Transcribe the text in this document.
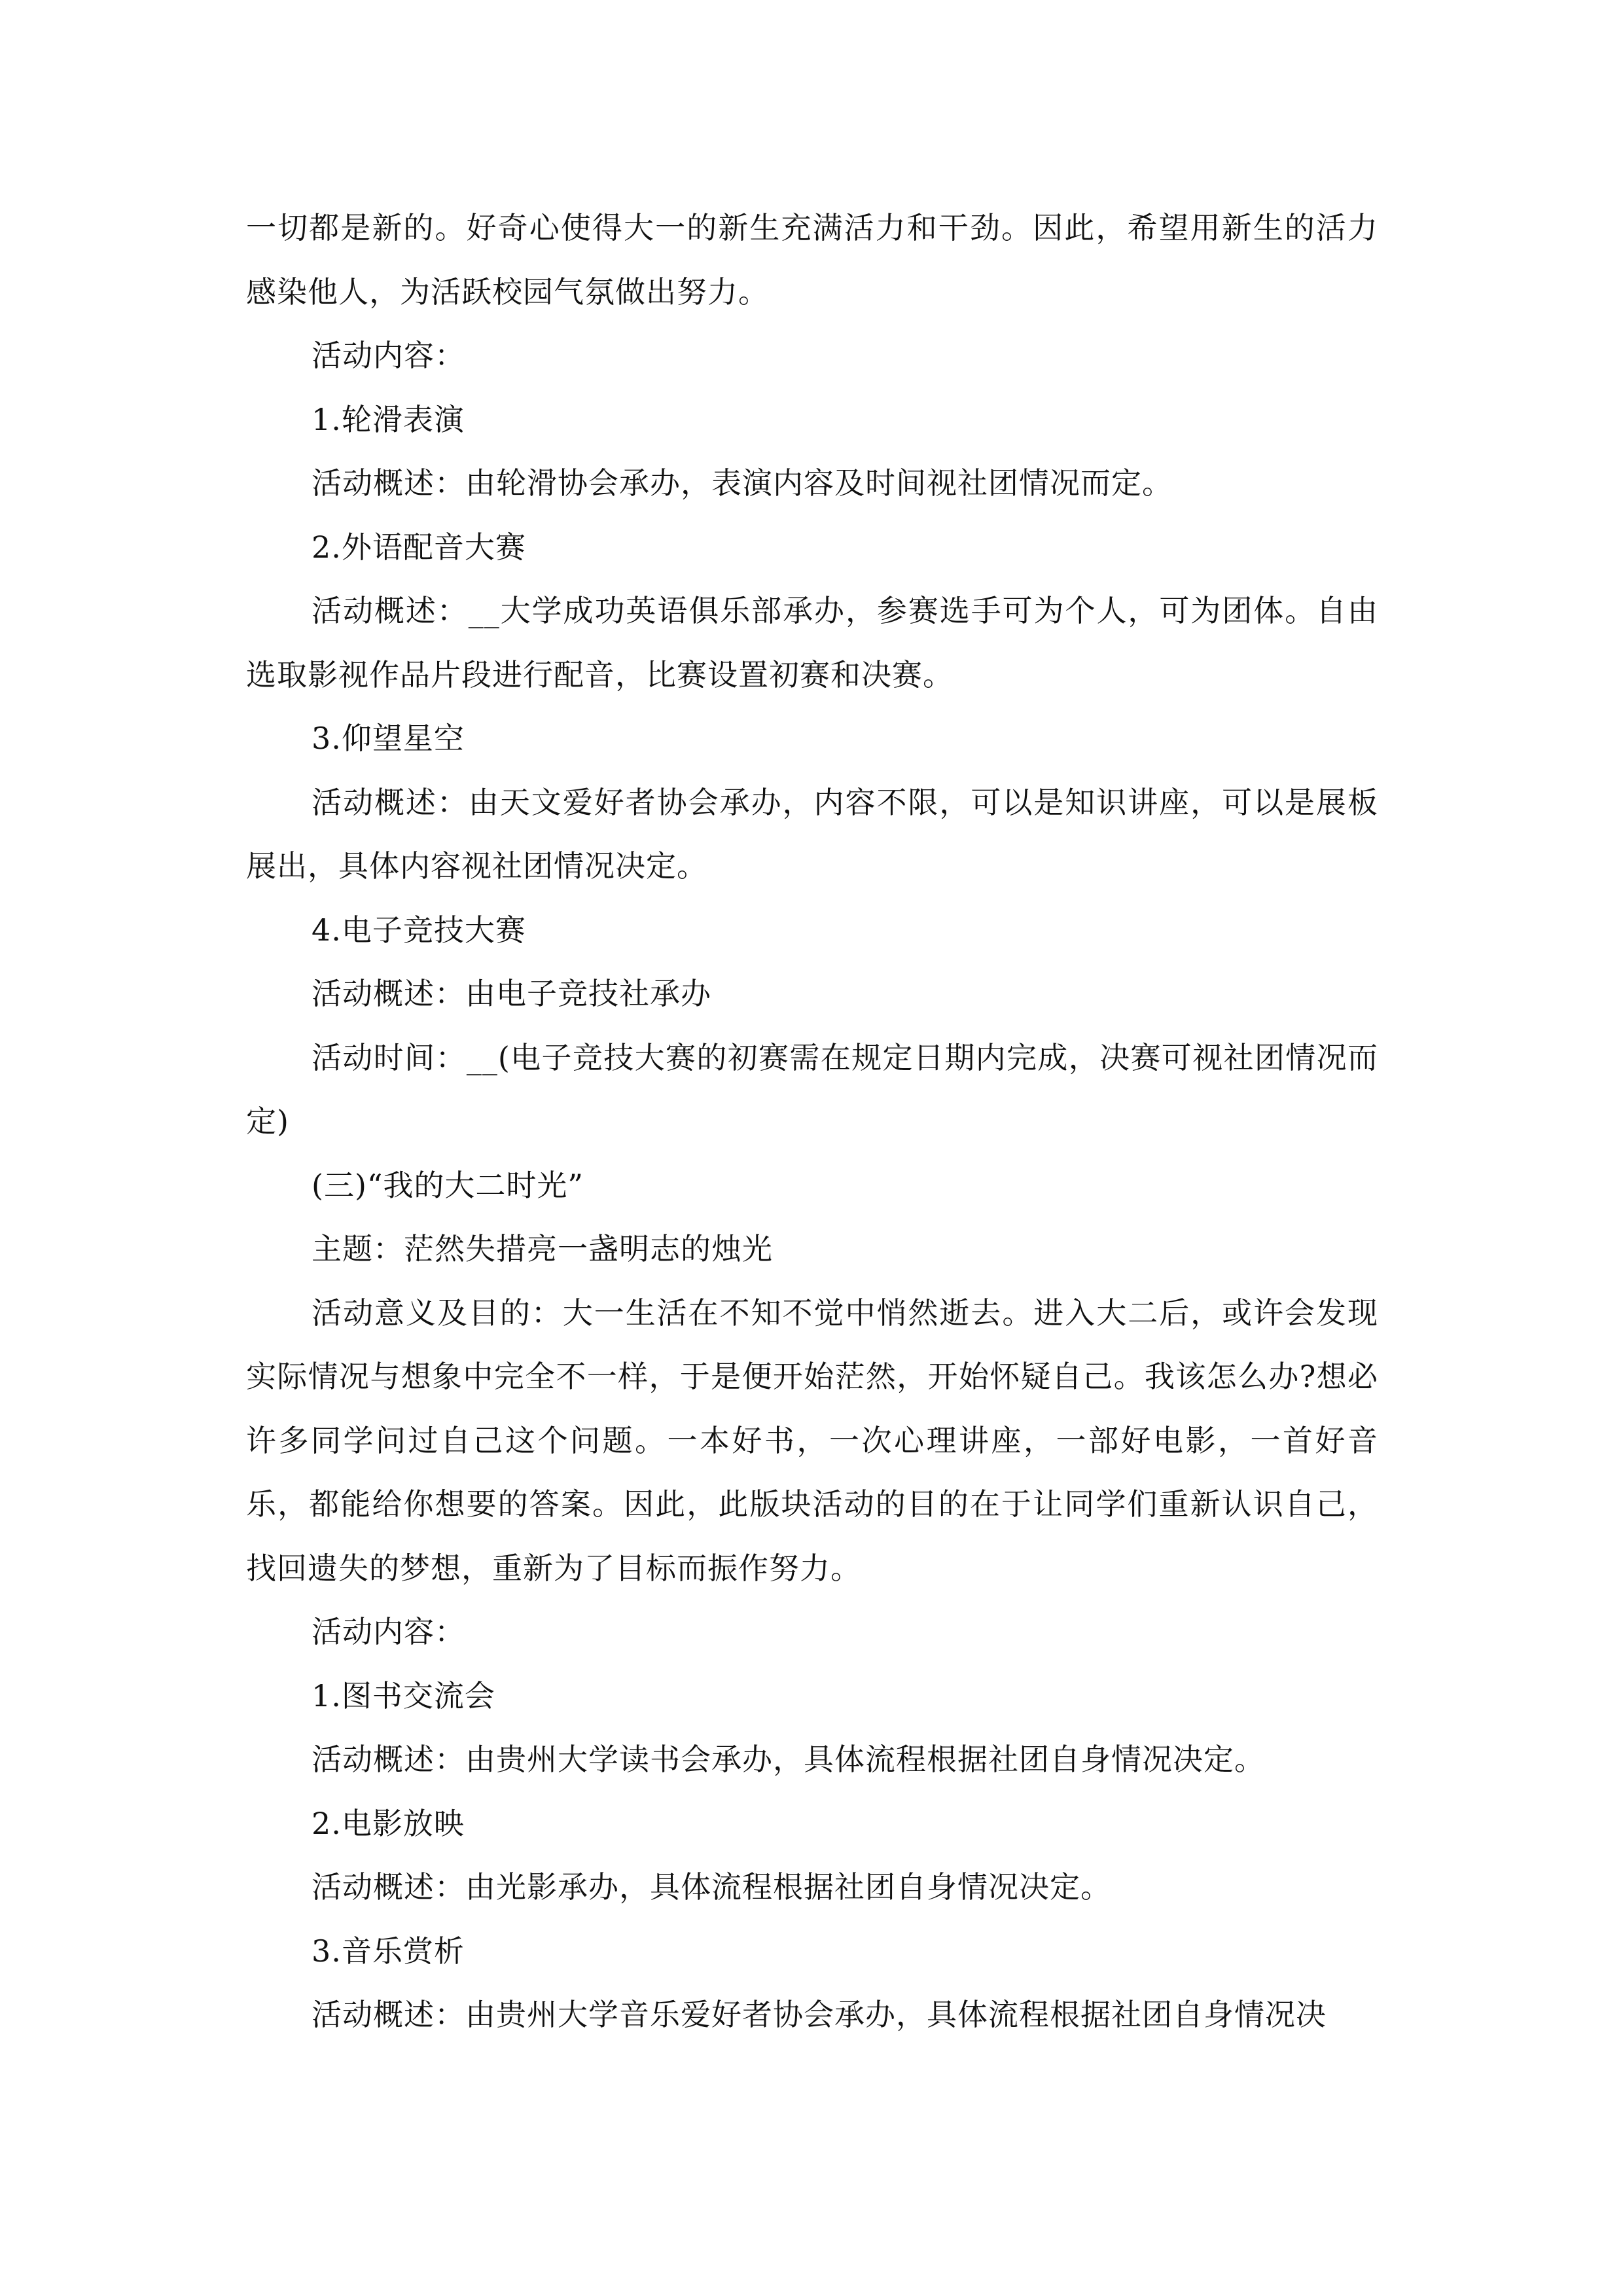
一切都是新的。好奇心使得大一的新生充满活力和干劲。因此，希望用新生的活力感染他人，为活跃校园气氛做出努力。

活动内容：

1.轮滑表演

活动概述：由轮滑协会承办，表演内容及时间视社团情况而定。

2.外语配音大赛

活动概述：__大学成功英语俱乐部承办，参赛选手可为个人，可为团体。自由选取影视作品片段进行配音，比赛设置初赛和决赛。

3.仰望星空

活动概述：由天文爱好者协会承办，内容不限，可以是知识讲座，可以是展板展出，具体内容视社团情况决定。

4.电子竞技大赛

活动概述：由电子竞技社承办

活动时间：__(电子竞技大赛的初赛需在规定日期内完成，决赛可视社团情况而定)

(三)“我的大二时光”

主题：茫然失措亮一盏明志的烛光

活动意义及目的：大一生活在不知不觉中悄然逝去。进入大二后，或许会发现实际情况与想象中完全不一样，于是便开始茫然，开始怀疑自己。我该怎么办?想必许多同学问过自己这个问题。一本好书，一次心理讲座，一部好电影，一首好音乐，都能给你想要的答案。因此，此版块活动的目的在于让同学们重新认识自己，找回遗失的梦想，重新为了目标而振作努力。

活动内容：

1.图书交流会

活动概述：由贵州大学读书会承办，具体流程根据社团自身情况决定。

2.电影放映

活动概述：由光影承办，具体流程根据社团自身情况决定。

3.音乐赏析

活动概述：由贵州大学音乐爱好者协会承办，具体流程根据社团自身情况决
